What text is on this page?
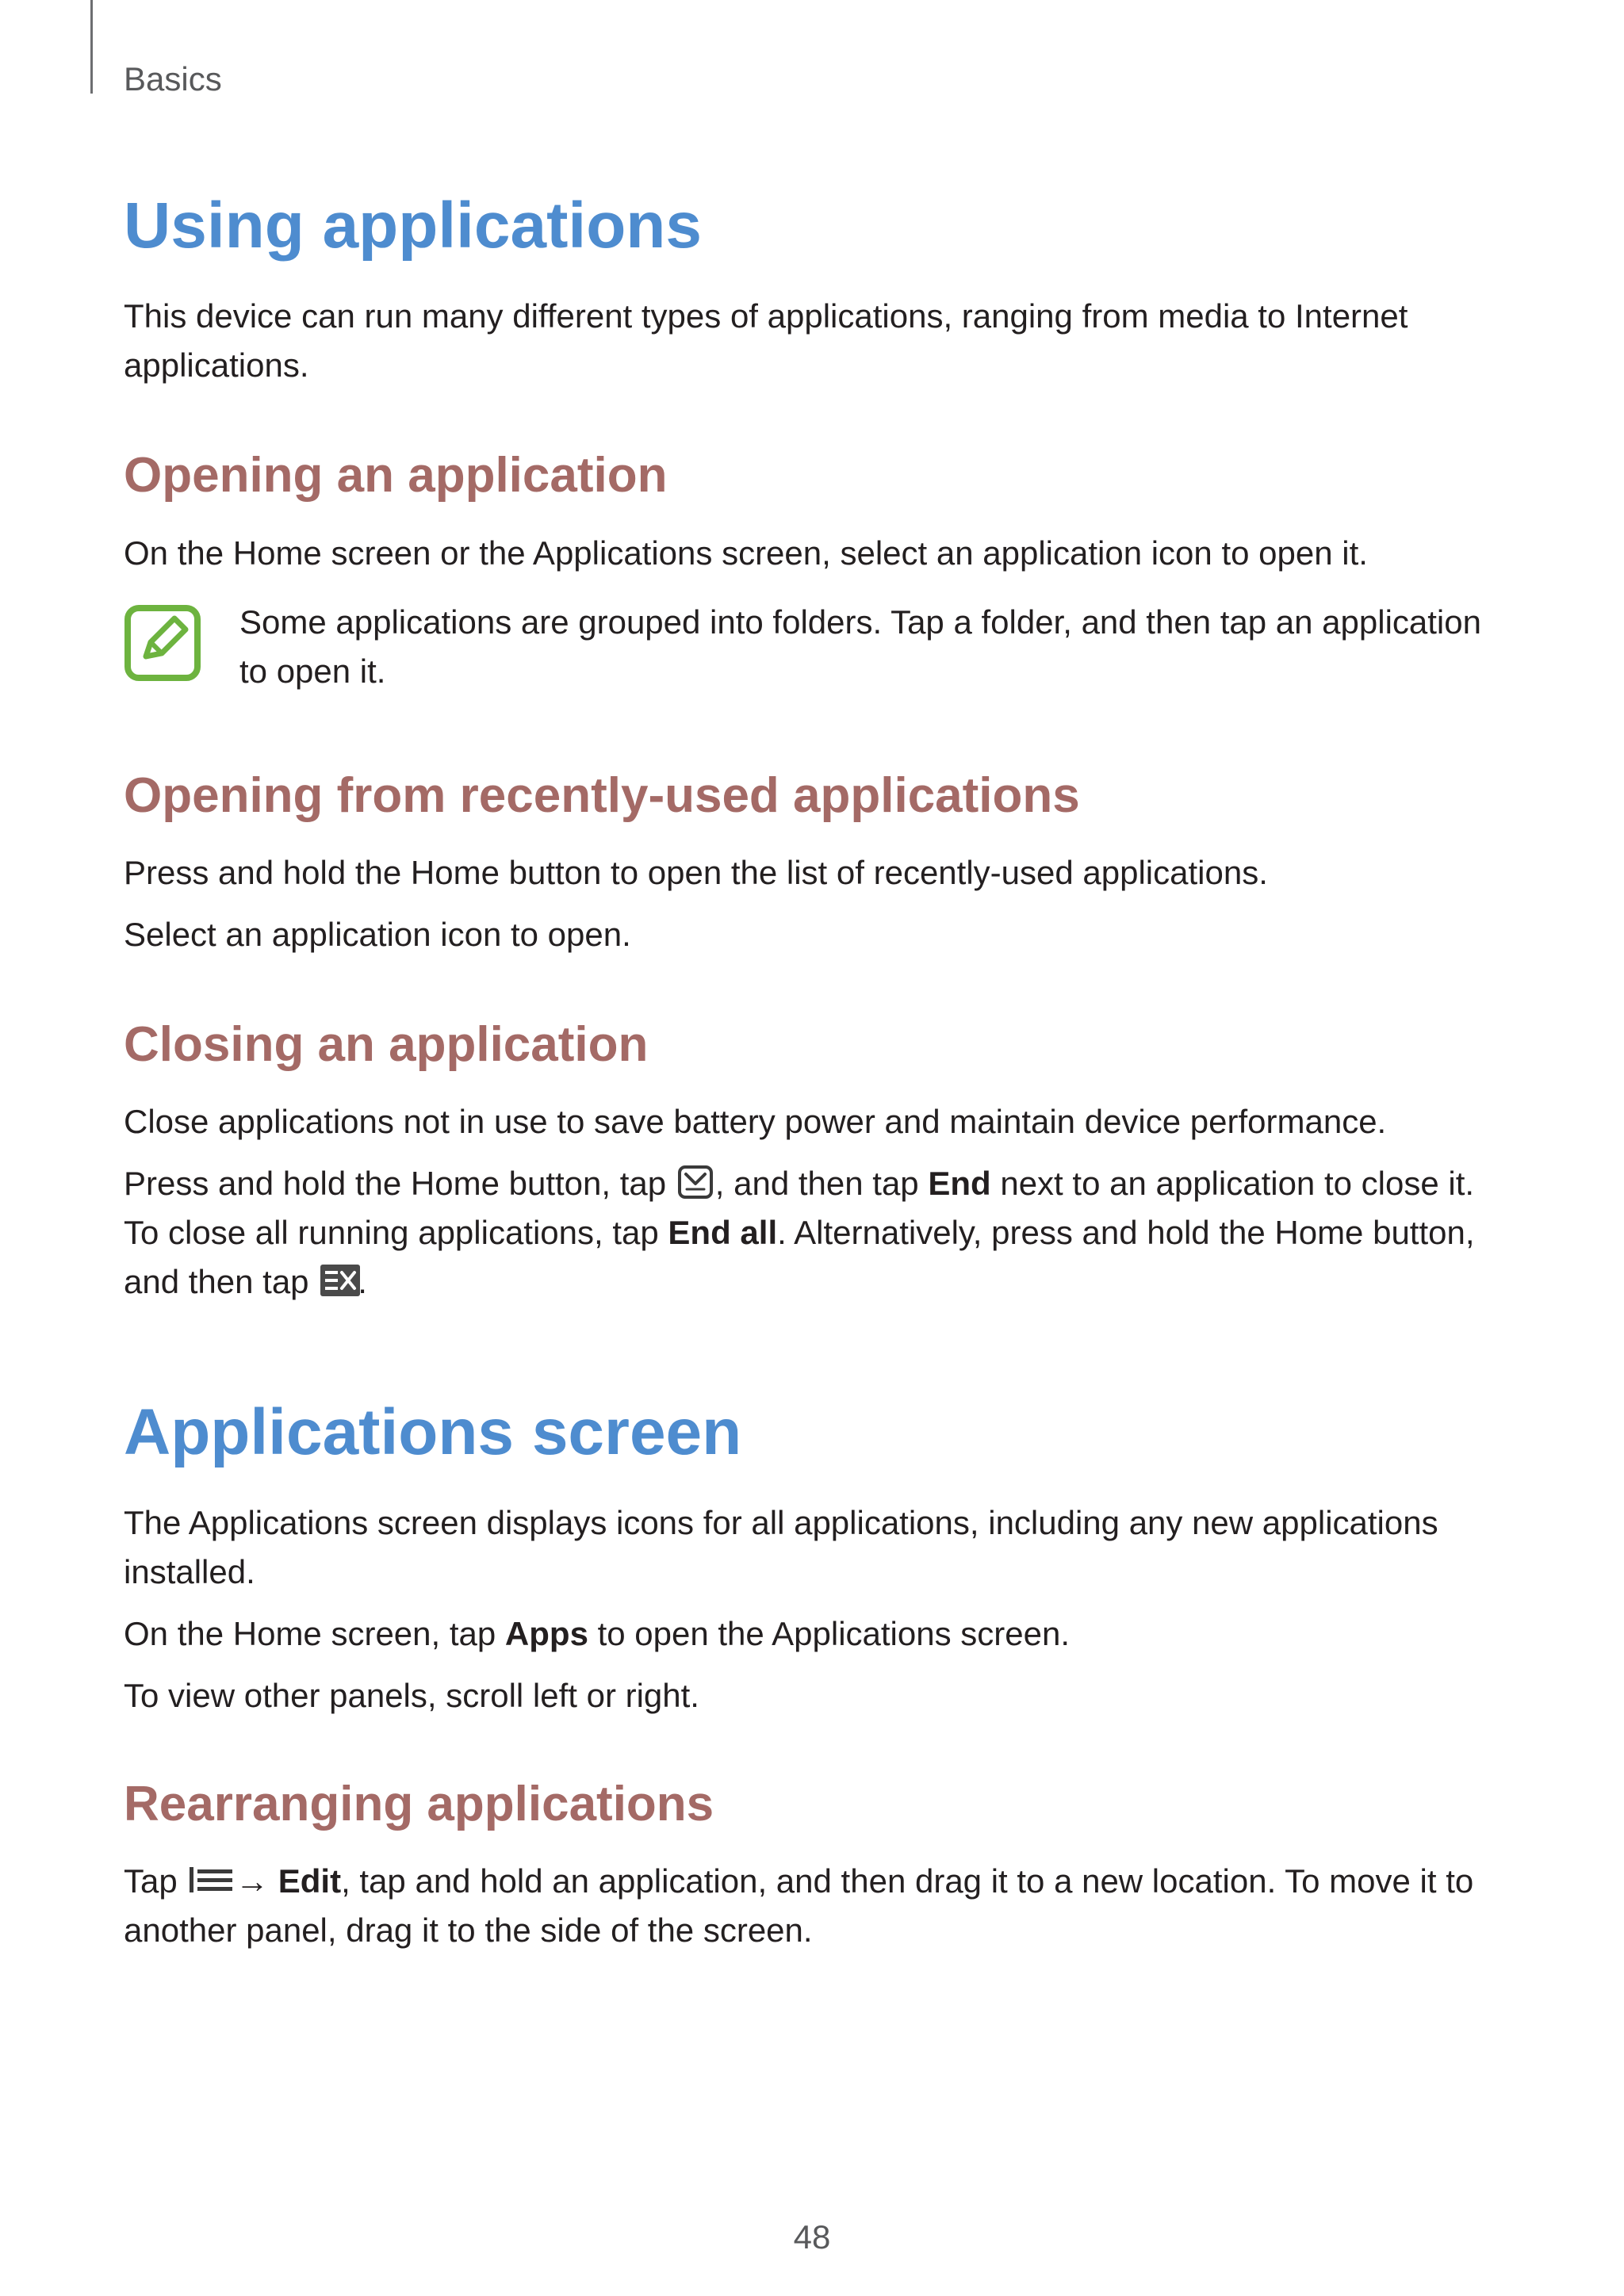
Basics
Using applications
This device can run many different types of applications, ranging from media to Internet applications.
Opening an application
On the Home screen or the Applications screen, select an application icon to open it.
Opening from recently-used applications
Press and hold the Home button to open the list of recently-used applications.
Select an application icon to open.
Closing an application
Close applications not in use to save battery power and maintain device performance.
Press and hold the Home button, tap , and then tap End next to an application to close it. To close all running applications, tap End all. Alternatively, press and hold the Home button, and then tap .
Applications screen
The Applications screen displays icons for all applications, including any new applications installed.
On the Home screen, tap Apps to open the Applications screen.
To view other panels, scroll left or right.
Rearranging applications
Tap  → Edit, tap and hold an application, and then drag it to a new location. To move it to another panel, drag it to the side of the screen.
Some applications are grouped into folders. Tap a folder, and then tap an application to open it.
48
